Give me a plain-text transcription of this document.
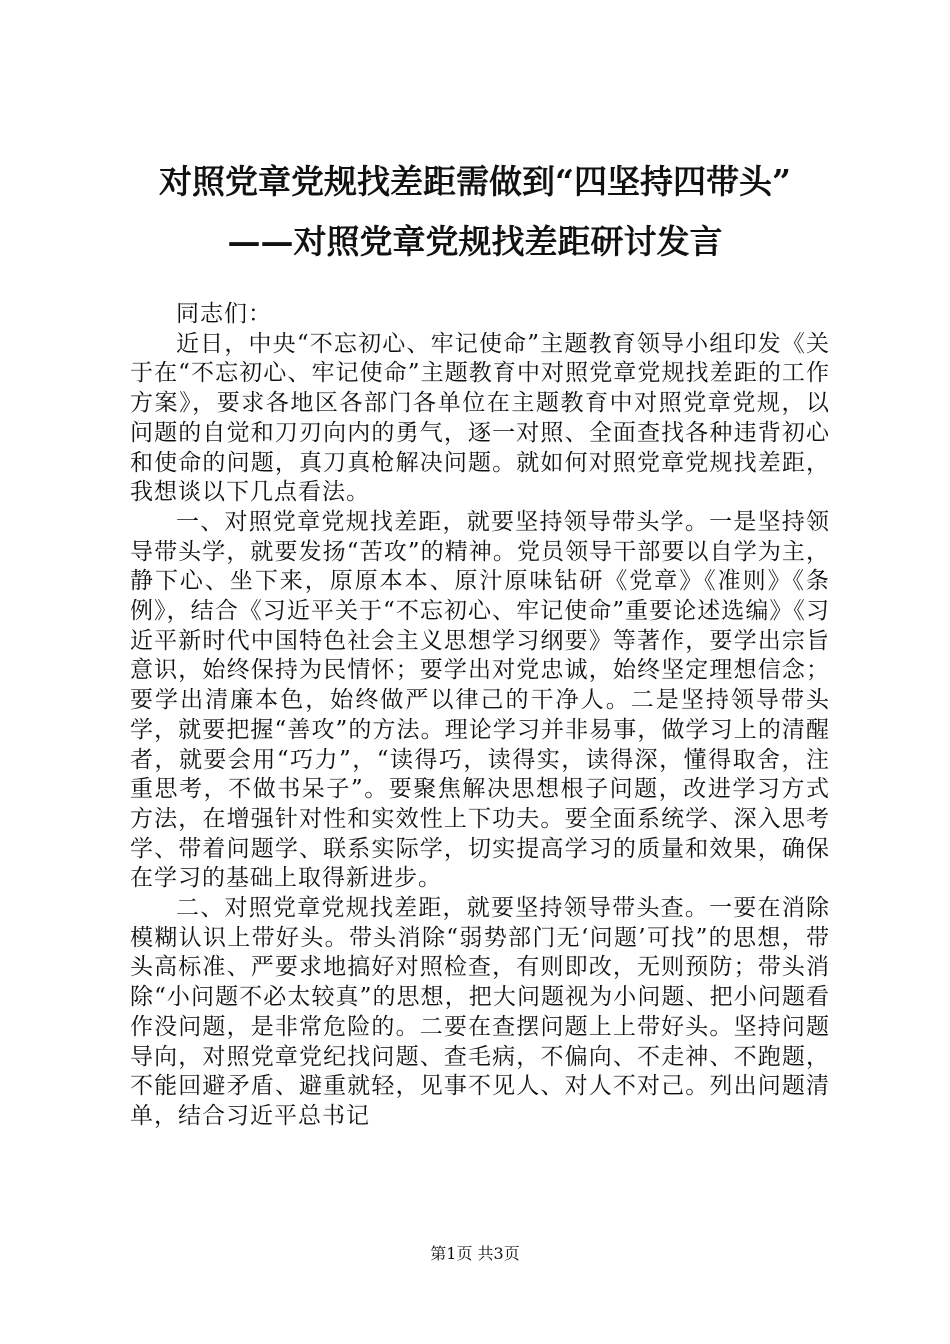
对照党章党规找差距需做到“四坚持四带头”
——对照党章党规找差距研讨发言

同志们：

近日，中央“不忘初心、牢记使命”主题教育领导小组印发《关于在“不忘初心、牢记使命”主题教育中对照党章党规找差距的工作方案》，要求各地区各部门各单位在主题教育中对照党章党规，以问题的自觉和刀刃向内的勇气，逐一对照、全面查找各种违背初心和使命的问题，真刀真枪解决问题。就如何对照党章党规找差距，我想谈以下几点看法。

一、对照党章党规找差距，就要坚持领导带头学。一是坚持领导带头学，就要发扬“苦攻”的精神。党员领导干部要以自学为主，静下心、坐下来，原原本本、原汁原味钻研《党章》《准则》《条例》，结合《习近平关于“不忘初心、牢记使命”重要论述选编》《习近平新时代中国特色社会主义思想学习纲要》等著作，要学出宗旨意识，始终保持为民情怀；要学出对党忠诚，始终坚定理想信念；要学出清廉本色，始终做严以律己的干净人。二是坚持领导带头学，就要把握“善攻”的方法。理论学习并非易事，做学习上的清醒者，就要会用“巧力”，“读得巧，读得实，读得深，懂得取舍，注重思考，不做书呆子”。要聚焦解决思想根子问题，改进学习方式方法，在增强针对性和实效性上下功夫。要全面系统学、深入思考学、带着问题学、联系实际学，切实提高学习的质量和效果，确保在学习的基础上取得新进步。

二、对照党章党规找差距，就要坚持领导带头查。一要在消除模糊认识上带好头。带头消除“弱势部门无‘问题’可找”的思想，带头高标准、严要求地搞好对照检查，有则即改，无则预防；带头消除“小问题不必太较真”的思想，把大问题视为小问题、把小问题看作没问题，是非常危险的。二要在查摆问题上上带好头。坚持问题导向，对照党章党纪找问题、查毛病，不偏向、不走神、不跑题，不能回避矛盾、避重就轻，见事不见人、对人不对己。列出问题清单，结合习近平总书记

第1页 共3页
